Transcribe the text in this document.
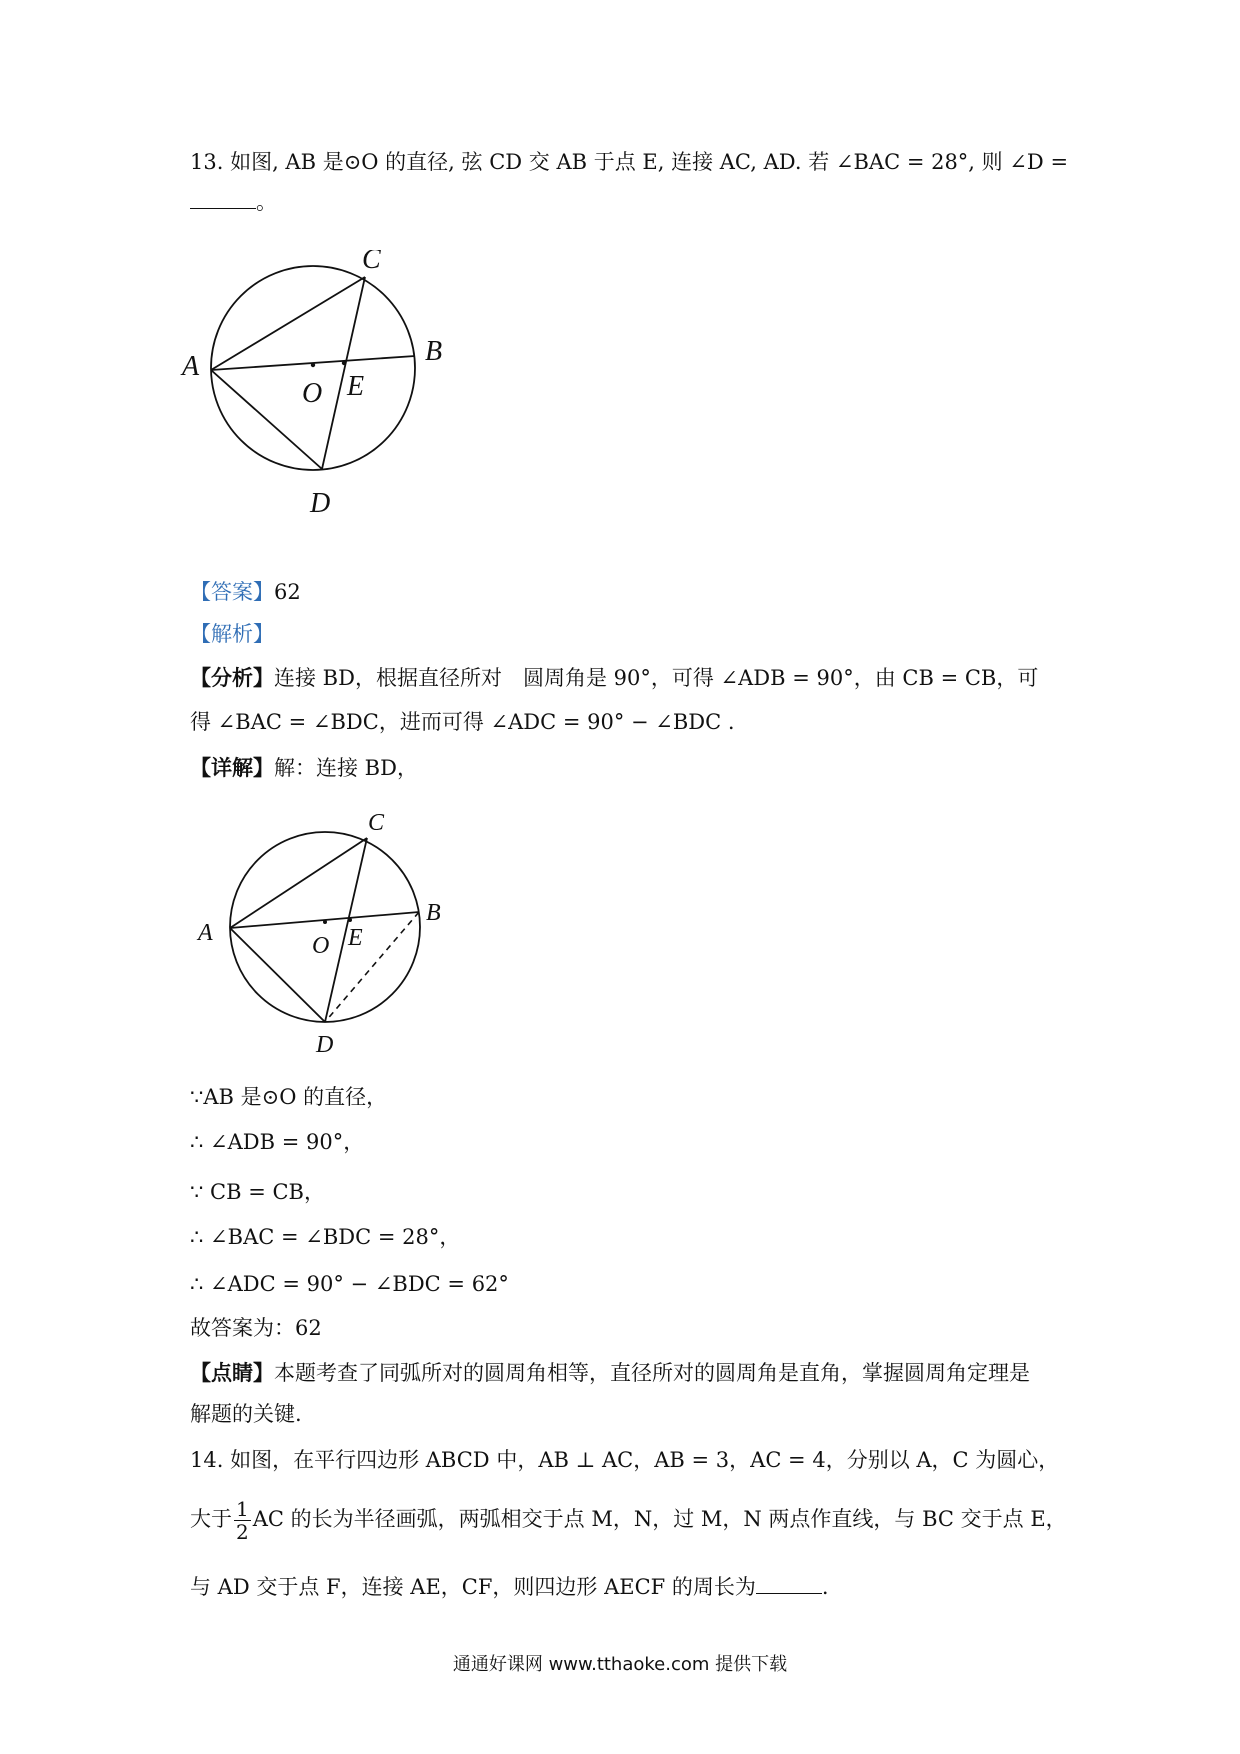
13. 如图, AB 是⊙O 的直径, 弦 CD 交 AB 于点 E, 连接 AC, AD. 若 ∠BAC = 28°, 则 ∠D =
。
A	B
C
D
O E
【答案】62
【解析】
【分析】连接 BD，根据直径所对　圆周角是 90°，可得 ∠ADB = 90°，由 CB = CB，可
得 ∠BAC = ∠BDC，进而可得 ∠ADC = 90° − ∠BDC .
【详解】解：连接 BD，
A
B
C
D
O E
∵AB 是⊙O 的直径，
∴ ∠ADB = 90°，
∵ CB = CB，
∴ ∠BAC = ∠BDC = 28°，
∴ ∠ADC = 90° − ∠BDC = 62°
故答案为：62
【点睛】本题考查了同弧所对的圆周角相等，直径所对的圆周角是直角，掌握圆周角定理是
解题的关键.
14. 如图，在平行四边形 ABCD 中，AB ⊥ AC，AB = 3，AC = 4，分别以 A，C 为圆心，
大于 $\frac{1}{2}$ AC 的长为半径画弧，两弧相交于点 M，N，过 M，N 两点作直线，与 BC 交于点 E，
与 AD 交于点 F，连接 AE，CF，则四边形 AECF 的周长为	.
通通好课网 www.tthaoke.com 提供下载
